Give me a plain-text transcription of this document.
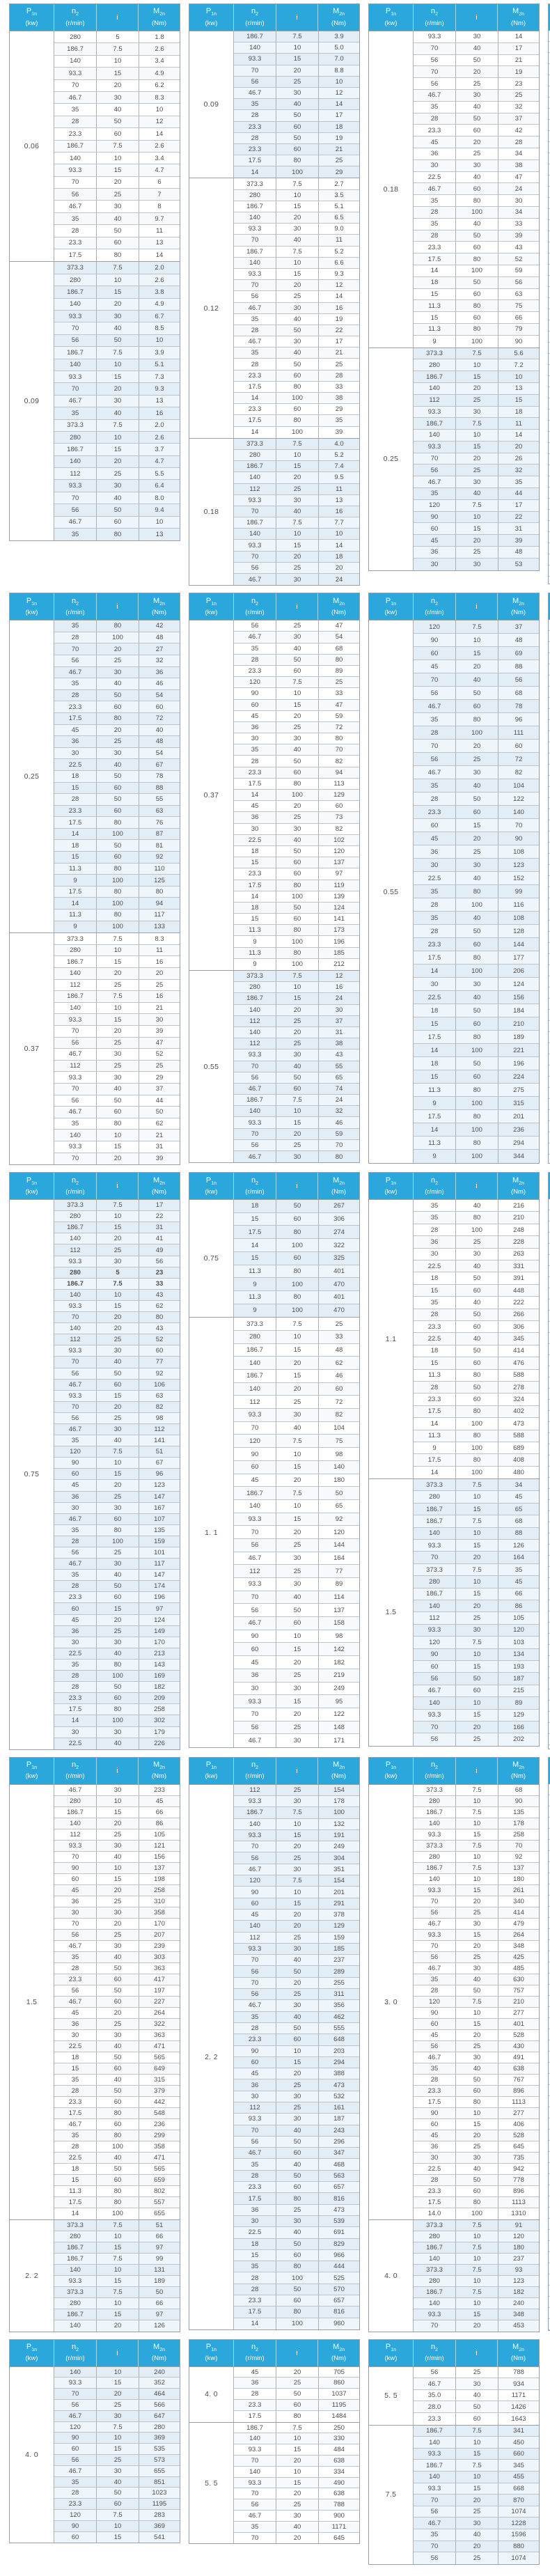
$P_{1n}$
(kw)
$n_2$
(r/min)
i
$M_{2n}$
(Nm)
0.06
280	5	1.8
186.7	7.5	2.6
140	10	3.4
93.3	15	4.9
70	20	6.2
46.7	30	8.3
35	40	10
28	50	12
23.3	60	14
186.7	7.5	2.6
140	10	3.4
93.3	15	4.7
70	20	6
56	25	7
46.7	30	8
35	40	9.7
28	50	11
23.3	60	13
17.5	80	14
0.09
373.3	7.5	2.0
280	10	2.6
186.7	15	3.8
140	20	4.9
93.3	30	6.7
70	40	8.5
56	50	10
186.7	7.5	3.9
140	10	5.1
93.3	15	7.3
70	20	9.3
46.7	30	13
35	40	16
373.3	7.5	2.0
280	10	2.6
186.7	15	3.7
140	20	4.7
112	25	5.5
93.3	30	6.4
70	40	8.0
56	50	9.4
46.7	60	10
35	80	13
$P_{1n}$
(kw)
$n_2$
(r/min)
i
$M_{2n}$
(Nm)
0.09
186.7	7.5	3.9
140	10	5.0
93.3	15	7.0
70	20	8.8
56	25	10
46.7	30	12
35	40	14
28	50	17
23.3	60	18
28	50	19
23.3	60	21
17.5	80	25
14	100	29
0.12
373.3	7.5	2.7
280	10	3.5
186.7	15	5.1
140	20	6.5
93.3	30	9.0
70	40	11
186.7	7.5	5.2
140	10	6.6
93.3	15	9.3
70	20	12
56	25	14
46.7	30	16
35	40	19
28	50	22
46.7	30	17
35	40	21
28	50	25
23.3	60	28
17.5	80	33
14	100	38
23.3	60	29
17.5	80	35
14	100	39
0.18
373.3	7.5	4.0
280	10	5.2
186.7	15	7.4
140	20	9.5
112	25	11
93.3	30	13
70	40	16
186.7	7.5	7.7
140	10	10
93.3	15	14
70	20	18
56	25	20
46.7	30	24
$P_{1n}$
(kw)
$n_2$
(r/min)
i
$M_{2n}$
(Nm)
0.18
93.3	30	14
70	40	17
56	50	21
70	20	19
56	25	23
46.7	30	25
35	40	32
28	50	37
23.3	60	42
45	20	28
36	25	34
30	30	38
22.5	40	47
46.7	60	24
35	80	30
28	100	34
35	40	33
28	50	39
23.3	60	43
17.5	80	52
14	100	59
18	50	56
15	60	63
11.3	80	75
15	60	66
11.3	80	79
9	100	90
0.25
373.3	7.5	5.6
280	10	7.2
186.7	15	10
140	20	13
112	25	15
93.3	30	18
186.7	7.5	11
140	10	14
93.3	15	20
70	20	26
56	25	32
46.7	30	35
35	40	44
120	7.5	17
90	10	22
60	15	31
45	20	39
36	25	48
30	30	53
$P_{1n}$
(kw)
$n_2$
(r/min)
i
$M_{2n}$
(Nm)
0.25
35	80	42
28	100	48
70	20	27
56	25	32
46.7	30	36
35	40	46
28	50	54
23.3	60	60
17.5	80	72
45	20	40
36	25	48
30	30	54
22.5	40	67
18	50	78
15	60	88
28	50	55
23.3	60	63
17.5	80	76
14	100	87
18	50	81
15	60	92
11.3	80	110
9	100	125
17.5	80	80
14	100	94
11.3	80	117
9	100	133
0.37
373.3	7.5	8.3
280	10	11
186.7	15	16
140	20	20
112	25	25
186.7	7.5	16
140	10	21
93.3	15	30
70	20	39
56	25	47
46.7	30	52
112	25	25
93.3	30	29
70	40	37
56	50	44
46.7	60	50
35	80	62
140	10	21
93.3	15	31
70	20	39
$P_{1n}$
(kw)
$n_2$
(r/min)
i
$M_{2n}$
(Nm)
0.37
56	25	47
46.7	30	54
35	40	68
28	50	80
23.3	60	89
120	7.5	25
90	10	33
60	15	47
45	20	59
36	25	72
30	30	80
35	40	70
28	50	82
23.3	60	94
17.5	80	113
14	100	129
45	20	60
36	25	73
30	30	82
22.5	40	102
18	50	120
15	60	137
23.3	60	97
17.5	80	119
14	100	139
18	50	124
15	60	141
11.3	80	173
9	100	196
11.3	80	185
9	100	212
0.55
373.3	7.5	12
280	10	16
186.7	15	24
140	20	30
112	25	37
140	20	31
112	25	38
93.3	30	43
70	40	55
56	50	65
46.7	60	74
186.7	7.5	24
140	10	32
93.3	15	46
70	20	59
56	25	70
46.7	30	80
$P_{1n}$
(kw)
$n_2$
(r/min)
i
$M_{2n}$
(Nm)
0.55
120	7.5	37
90	10	48
60	15	69
45	20	88
70	40	56
56	50	68
46.7	60	78
35	80	96
28	100	111
70	20	60
56	25	72
46.7	30	82
35	40	104
28	50	122
23.3	60	140
60	15	70
45	20	90
36	25	108
30	30	123
22.5	40	152
35	80	99
28	100	116
35	40	108
28	50	128
23.3	60	144
17.5	80	177
14	100	206
30	30	124
22.5	40	156
18	50	184
15	60	210
17.5	80	189
14	100	221
18	50	196
15	60	224
11.3	80	275
9	100	315
17.5	80	201
14	100	236
11.3	80	294
9	100	344
$P_{1n}$
(kw)
$n_2$
(r/min)
i
$M_{2n}$
(Nm)
0.75
373.3	7.5	17
280	10	22
186.7	15	31
140	20	41
112	25	49
93.3	30	56
280	5	23
186.7	7.5	33
140	10	43
93.3	15	62
70	20	80
140	20	43
112	25	52
93.3	30	60
70	40	77
56	50	92
46.7	60	106
93.3	15	63
70	20	82
56	25	98
46.7	30	112
35	40	141
120	7.5	51
90	10	67
60	15	96
45	20	123
36	25	147
30	30	167
46.7	60	107
35	80	135
28	100	159
56	25	101
46.7	30	117
35	40	147
28	50	174
23.3	60	196
60	15	97
45	20	124
36	25	149
30	30	170
22.5	40	213
35	80	143
28	100	169
28	50	182
23.3	60	209
17.5	80	258
14	100	302
30	30	179
22.5	40	226
$P_{1n}$
(kw)
$n_2$
(r/min)
i
$M_{2n}$
(Nm)
0.75
18	50	267
15	60	306
17.5	80	274
14	100	322
15	60	325
11.3	80	401
9	100	470
11.3	80	401
9	100	470
1. 1
373.3	7.5	25
280	10	33
186.7	15	48
140	20	62
186.7	15	46
140	20	60
112	25	72
93.3	30	82
70	40	104
120	7.5	75
90	10	98
60	15	140
45	20	180
186.7	7.5	50
140	10	65
93.3	15	92
70	20	120
56	25	144
46.7	30	164
112	25	77
93.3	30	89
70	40	114
56	50	137
46.7	60	158
90	10	98
60	15	142
45	20	182
36	25	219
30	30	249
93.3	15	95
70	20	122
56	25	148
46.7	30	171
$P_{1n}$
(kw)
$n_2$
(r/min)
i
$M_{2n}$
(Nm)
1.1
35	40	216
35	80	210
28	100	248
36	25	228
30	30	263
22.5	40	331
18	50	391
15	60	448
35	40	222
28	50	266
23.3	60	306
22.5	40	345
18	50	414
15	60	476
11.3	80	588
28	50	278
23.3	60	324
17.5	80	402
14	100	473
11.3	80	588
9	100	689
17.5	80	408
14	100	480
1.5
373.3	7.5	34
280	10	45
186.7	15	65
186.7	7.5	68
140	10	88
93.3	15	126
70	20	164
373.3	7.5	35
280	10	45
186.7	15	66
140	20	86
112	25	105
93.3	30	120
120	7.5	103
90	10	134
60	15	193
56	50	187
46.7	60	215
140	10	89
93.3	15	129
70	20	166
56	25	202
$P_{1n}$
(kw)
$n_2$
(r/min)
i
$M_{2n}$
(Nm)
1.5
46.7	30	233
280	10	45
186.7	15	66
140	20	86
112	25	105
93.3	30	121
70	40	156
90	10	137
60	15	198
45	20	258
36	25	310
30	30	358
70	20	170
56	25	207
46.7	30	239
35	40	303
28	50	363
23.3	60	417
56	50	197
46.7	60	227
45	20	264
36	25	322
30	30	363
22.5	40	471
18	50	565
15	60	649
35	40	315
28	50	379
23.3	60	442
17.5	80	548
46.7	60	236
35	80	299
28	100	358
22.5	40	471
18	50	565
15	60	659
11.3	80	802
17.5	80	557
14	100	655
2. 2
373.3	7.5	51
280	10	66
186.7	15	97
186.7	7.5	99
140	10	131
93.3	15	189
373.3	7.5	50
280	10	66
186.7	15	97
140	20	126
$P_{1n}$
(kw)
$n_2$
(r/min)
i
$M_{2n}$
(Nm)
2. 2
112	25	154
93.3	30	178
186.7	7.5	100
140	10	132
93.3	15	191
70	20	249
56	25	304
46.7	30	351
120	7.5	154
90	10	201
60	15	291
45	20	378
140	20	129
112	25	159
93.3	30	185
70	40	237
56	50	289
70	20	255
56	25	311
46.7	30	356
35	40	462
28	50	555
23.3	60	648
90	10	203
60	15	294
45	20	388
36	25	473
30	30	532
112	25	161
93.3	30	187
70	40	243
56	50	296
46.7	60	347
35	40	468
28	50	563
23.3	60	657
17.5	80	816
36	25	473
30	30	539
22.5	40	691
18	50	829
15	60	966
35	80	444
28	100	525
28	50	570
23.3	60	657
17.5	80	816
14	100	960
$P_{1n}$
(kw)
$n_2$
(r/min)
i
$M_{2n}$
(Nm)
3. 0
373.3	7.5	68
280	10	90
186.7	7.5	135
140	10	178
93.3	15	258
373.3	7.5	70
280	10	92
186.7	7.5	137
140	10	180
93.3	15	261
70	20	340
56	25	414
46.7	30	479
93.3	15	264
70	20	348
56	25	425
46.7	30	485
35	40	630
28	50	757
120	7.5	210
90	10	277
60	15	401
45	20	528
56	25	430
46.7	30	491
35	40	638
28	50	767
23.3	60	896
17.5	80	1113
90	10	277
60	15	406
45	20	528
36	25	645
30	30	735
22.5	40	942
28	50	778
23.3	60	896
17.5	80	1113
14.0	100	1310
4. 0
373.3	7.5	91
280	10	120
186.7	7.5	180
140	10	237
373.3	7.5	93
280	10	123
186.7	7.5	182
140	10	240
93.3	15	348
70	20	453
$P_{1n}$
(kw)
$n_2$
(r/min)
i
$M_{2n}$
(Nm)
4. 0
140	10	240
93.3	15	352
70	20	464
56	25	566
46.7	30	647
120	7.5	280
90	10	369
60	15	535
56	25	573
46.7	30	655
35	40	851
28	50	1023
23.3	60	1195
120	7.5	283
90	10	369
60	15	541
$P_{1n}$
(kw)
$n_2$
(r/min)
i
$M_{2n}$
(Nm)
4. 0
45	20	705
36	25	860
28	50	1037
23.3	60	1195
17.5	80	1484
5. 5
186.7	7.5	250
140	10	330
93.3	15	484
70	20	638
140	10	334
93.3	15	490
70	20	638
56	25	788
46.7	30	900
35	40	1171
70	20	645
$P_{1n}$
(kw)
$n_2$
(r/min)
i
$M_{2n}$
(Nm)
5. 5
56	25	788
46.7	30	934
35.0	40	1171
28.0	50	1426
23.3	60	1643
7.5
186.7	7.5	341
140	10	450
93.3	15	660
186.7	7.5	345
140	10	455
93.3	15	668
70	20	870
56	25	1074
46.7	30	1228
35	40	1596
70	20	880
56	25	1074
